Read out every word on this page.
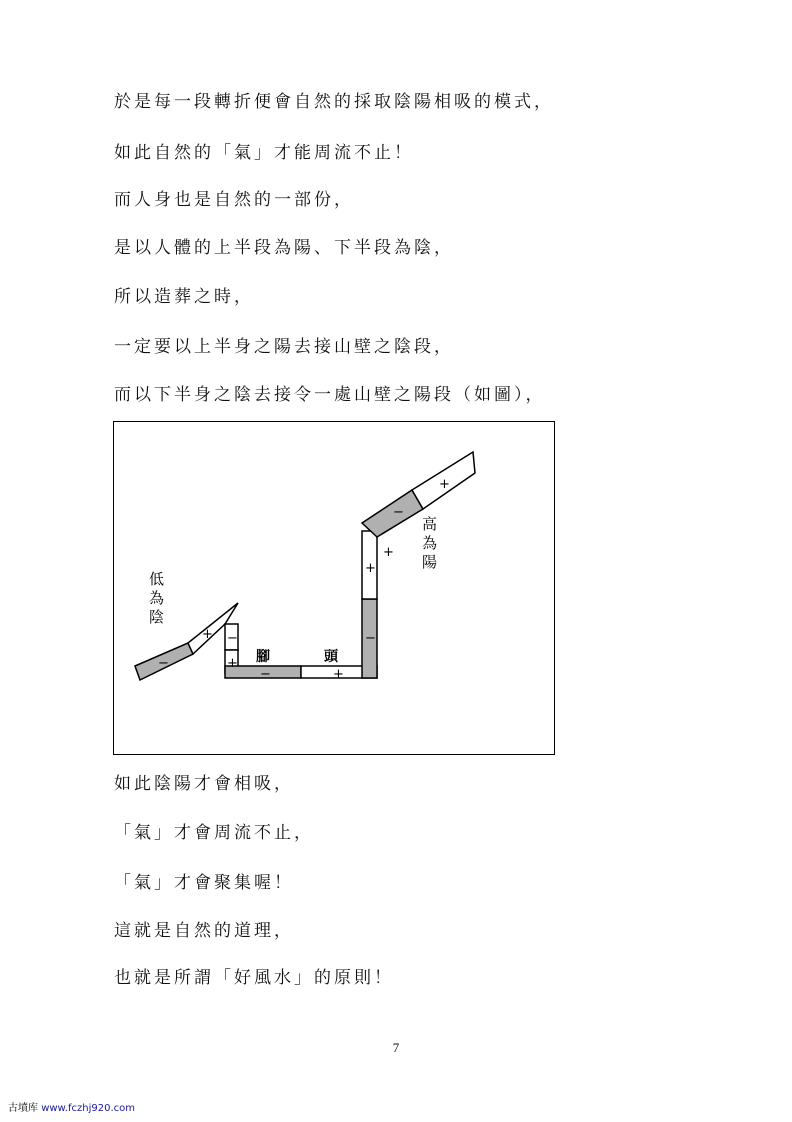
於是每一段轉折便會自然的採取陰陽相吸的模式，
如此自然的「氣」才能周流不止！
而人身也是自然的一部份，
是以人體的上半段為陽、下半段為陰，
所以造葬之時，
一定要以上半身之陽去接山壁之陰段，
而以下半身之陰去接令一處山壁之陽段（如圖），
−
+ −
+
−	+
−
+
+
−
+
低
為
陰
高
為
陽
腳	頭
如此陰陽才會相吸，
「氣」才會周流不止，
「氣」才會聚集喔！
這就是自然的道理，
也就是所謂「好風水」的原則！
7
古墳库 www.fczhj920.com
